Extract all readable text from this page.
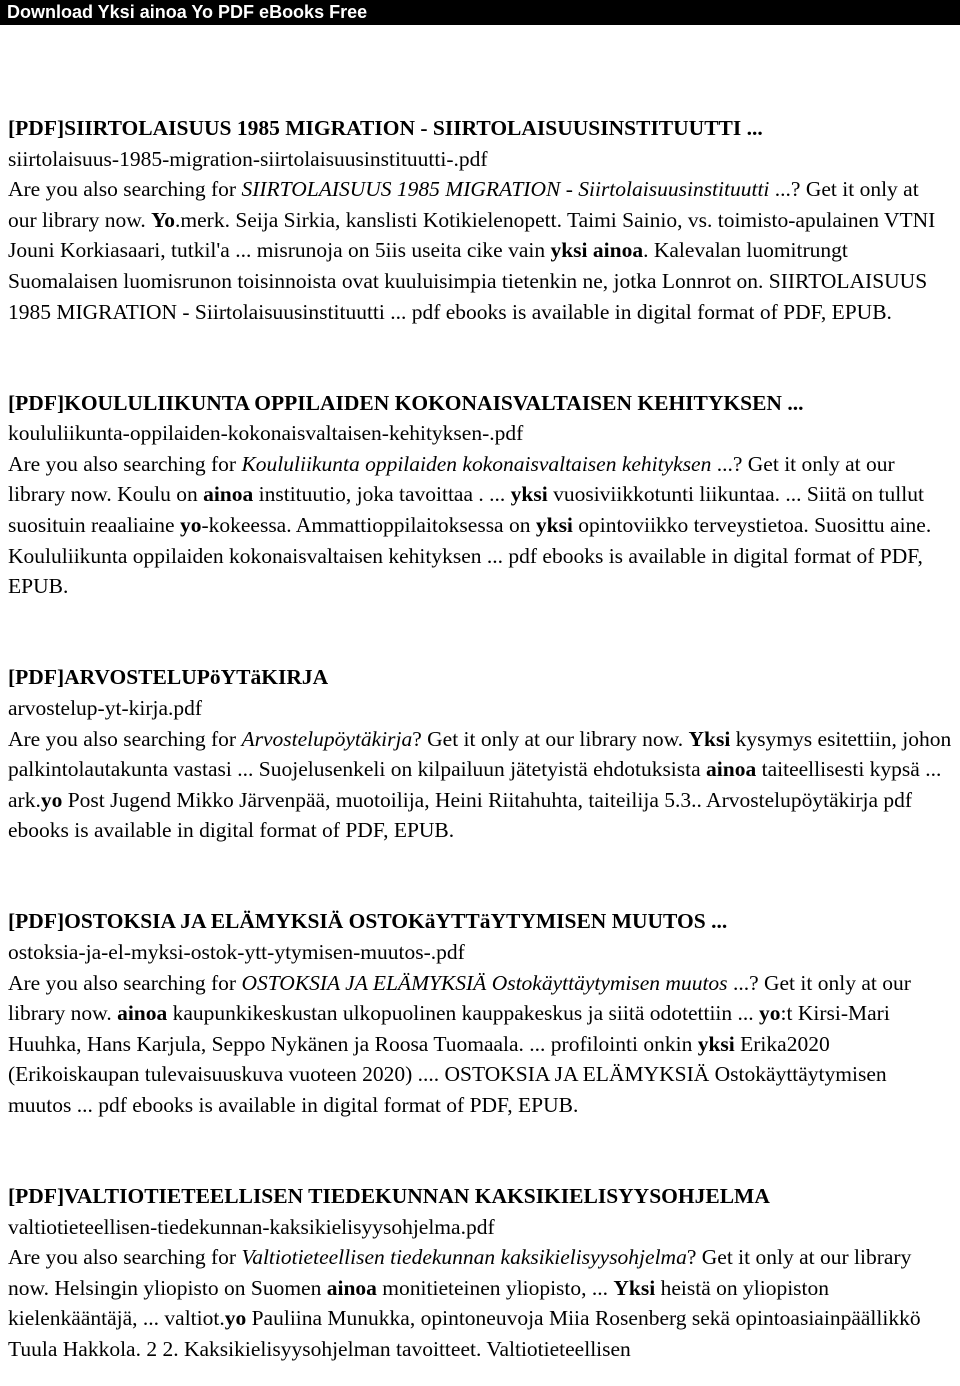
Download Yksi ainoa Yo PDF eBooks Free
[PDF]SIIRTOLAISUUS 1985 MIGRATION - SIIRTOLAISUUSINSTITUUTTI ...
siirtolaisuus-1985-migration-siirtolaisuusinstituutti-.pdf

Are you also searching for SIIRTOLAISUUS 1985 MIGRATION - Siirtolaisuusinstituutti ...? Get it only at our library now. Yo.merk. Seija Sirkia, kanslisti Kotikielenopett. Taimi Sainio, vs. toimisto-apulainen VTNI Jouni Korkiasaari, tutkil'a ... misrunoja on 5iis useita cike vain yksi ainoa. Kalevalan luomitrungt Suomalaisen luomisrunon toisinnoista ovat kuuluisimpia tietenkin ne, jotka Lonnrot on. SIIRTOLAISUUS 1985 MIGRATION - Siirtolaisuusinstituutti ... pdf ebooks is available in digital format of PDF, EPUB.

[PDF]KOULULIIKUNTA OPPILAIDEN KOKONAISVALTAISEN KEHITYKSEN ...
koululiikunta-oppilaiden-kokonaisvaltaisen-kehityksen-.pdf

Are you also searching for Koululiikunta oppilaiden kokonaisvaltaisen kehityksen ...? Get it only at our library now. Koulu on ainoa instituutio, joka tavoittaa . ... yksi vuosiviikkotunti liikuntaa. ... Siitä on tullut suosituin reaaliaine yo-kokeessa. Ammattioppilaitoksessa on yksi opintoviikko terveystietoa. Suosittu aine. Koululiikunta oppilaiden kokonaisvaltaisen kehityksen ... pdf ebooks is available in digital format of PDF, EPUB.

[PDF]ARVOSTELUPöYTäKIRJA
arvostelup-yt-kirja.pdf

Are you also searching for Arvostelupöytäkirja? Get it only at our library now. Yksi kysymys esitettiin, johon palkintolautakunta vastasi ... Suojelusenkeli on kilpailuun jätetyistä ehdotuksista ainoa taiteellisesti kypsä ... ark.yo Post Jugend Mikko Järvenpää, muotoilija, Heini Riitahuhta, taiteilija 5.3.. Arvostelupöytäkirja pdf ebooks is available in digital format of PDF, EPUB.

[PDF]OSTOKSIA JA ELÄMYKSIÄ OSTOKäYTTäYTYMISEN MUUTOS ...
ostoksia-ja-el-myksi-ostok-ytt-ytymisen-muutos-.pdf

Are you also searching for OSTOKSIA JA ELÄMYKSIÄ Ostokäyttäytymisen muutos ...? Get it only at our library now. ainoa kaupunkikeskustan ulkopuolinen kauppakeskus ja siitä odotettiin ... yo:t Kirsi-Mari Huuhka, Hans Karjula, Seppo Nykänen ja Roosa Tuomaala. ... profilointi onkin yksi Erika2020 (Erikoiskaupan tulevaisuuskuva vuoteen 2020) .... OSTOKSIA JA ELÄMYKSIÄ Ostokäyttäytymisen muutos ... pdf ebooks is available in digital format of PDF, EPUB.

[PDF]VALTIOTIETEELLISEN TIEDEKUNNAN KAKSIKIELISYYSOHJELMA
valtiotieteellisen-tiedekunnan-kaksikielisyysohjelma.pdf

Are you also searching for Valtiotieteellisen tiedekunnan kaksikielisyysohjelma? Get it only at our library now. Helsingin yliopisto on Suomen ainoa monitieteinen yliopisto, ... Yksi heistä on yliopiston kielenkääntäjä, ... valtiot.yo Pauliina Munukka, opintoneuvoja Miia Rosenberg sekä opintoasiainpäällikkö Tuula Hakkola. 2 2. Kaksikielisyysohjelman tavoitteet. Valtiotieteellisen
